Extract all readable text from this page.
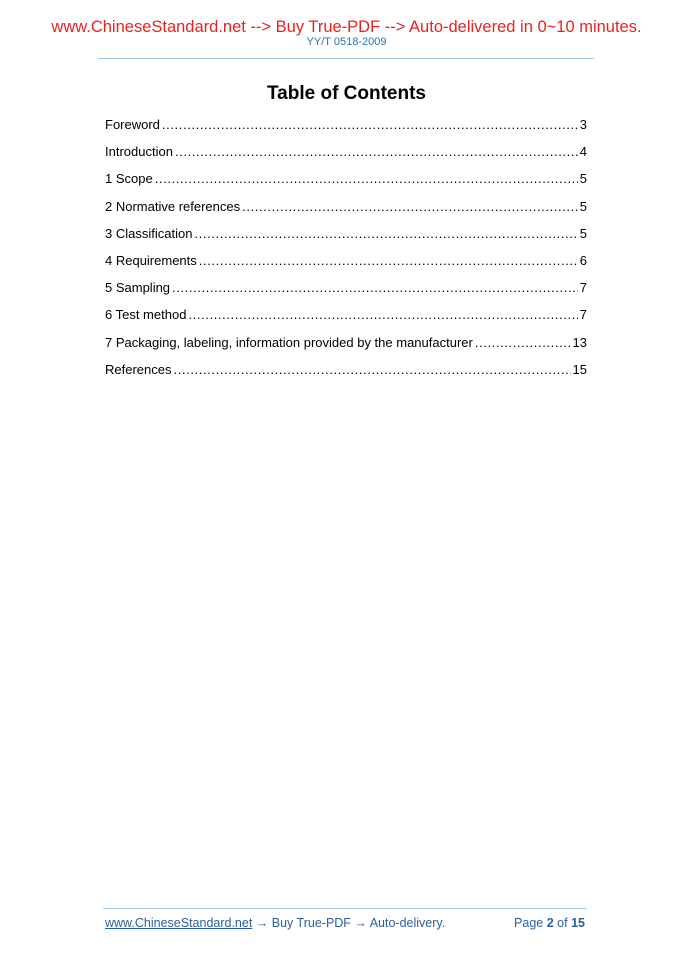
www.ChineseStandard.net --> Buy True-PDF --> Auto-delivered in 0~10 minutes.
YY/T 0518-2009
Table of Contents
Foreword .....	3
Introduction .....	4
1 Scope .....	5
2 Normative references .....	5
3 Classification .....	5
4 Requirements .....	6
5 Sampling .....	7
6 Test method .....	7
7 Packaging, labeling, information provided by the manufacturer .....	13
References .....	15
www.ChineseStandard.net → Buy True-PDF → Auto-delivery.	Page 2 of 15
